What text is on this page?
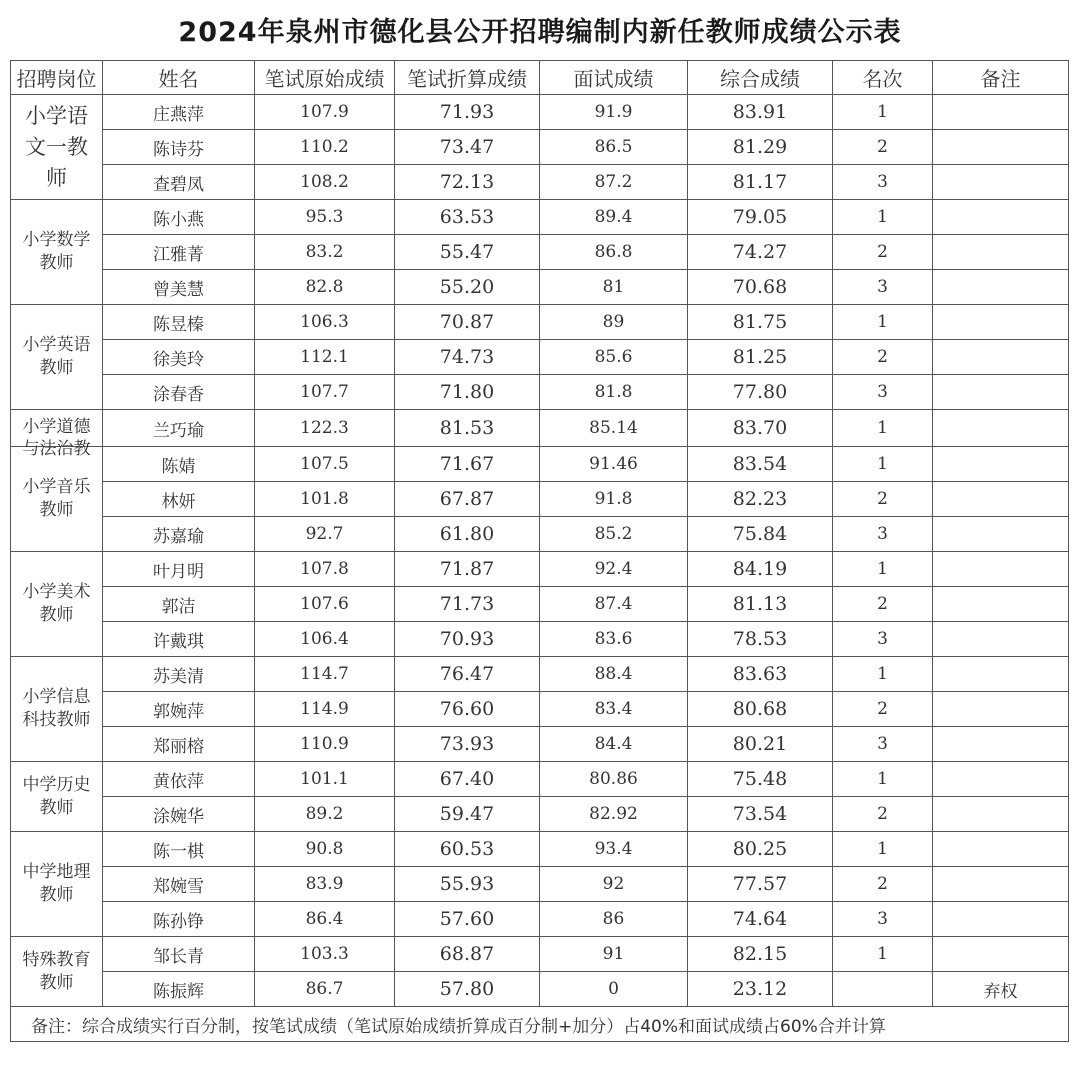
2024年泉州市德化县公开招聘编制内新任教师成绩公示表
招聘岗位	姓名	笔试原始成绩	笔试折算成绩	面试成绩	综合成绩	名次	备注

小学语文一教师	庄燕萍	107.9	71.93	91.9	83.91	1	
	陈诗芬	110.2	73.47	86.5	81.29	2	
	查碧凤	108.2	72.13	87.2	81.17	3	

小学数学教师	陈小燕	95.3	63.53	89.4	79.05	1	
	江雅菁	83.2	55.47	86.8	74.27	2	
	曾美慧	82.8	55.20	81	70.68	3	

小学英语教师	陈昱榛	106.3	70.87	89	81.75	1	
	徐美玲	112.1	74.73	85.6	81.25	2	
	涂春香	107.7	71.80	81.8	77.80	3	

小学道德与法治教	兰巧瑜	122.3	81.53	85.14	83.70	1	

小学音乐教师	陈婧	107.5	71.67	91.46	83.54	1	
	林妍	101.8	67.87	91.8	82.23	2	
	苏嘉瑜	92.7	61.80	85.2	75.84	3	

小学美术教师	叶月明	107.8	71.87	92.4	84.19	1	
	郭洁	107.6	71.73	87.4	81.13	2	
	许戴琪	106.4	70.93	83.6	78.53	3	

小学信息科技教师	苏美清	114.7	76.47	88.4	83.63	1	
	郭婉萍	114.9	76.60	83.4	80.68	2	
	郑丽榕	110.9	73.93	84.4	80.21	3	

中学历史教师	黄依萍	101.1	67.40	80.86	75.48	1	
	涂婉华	89.2	59.47	82.92	73.54	2	

中学地理教师	陈一棋	90.8	60.53	93.4	80.25	1	
	郑婉雪	83.9	55.93	92	77.57	2	
	陈孙铮	86.4	57.60	86	74.64	3	

特殊教育教师	邹长青	103.3	68.87	91	82.15	1	
	陈振辉	86.7	57.80	0	23.12		弃权
备注：综合成绩实行百分制，按笔试成绩（笔试原始成绩折算成百分制+加分）占40%和面试成绩占60%合并计算							
